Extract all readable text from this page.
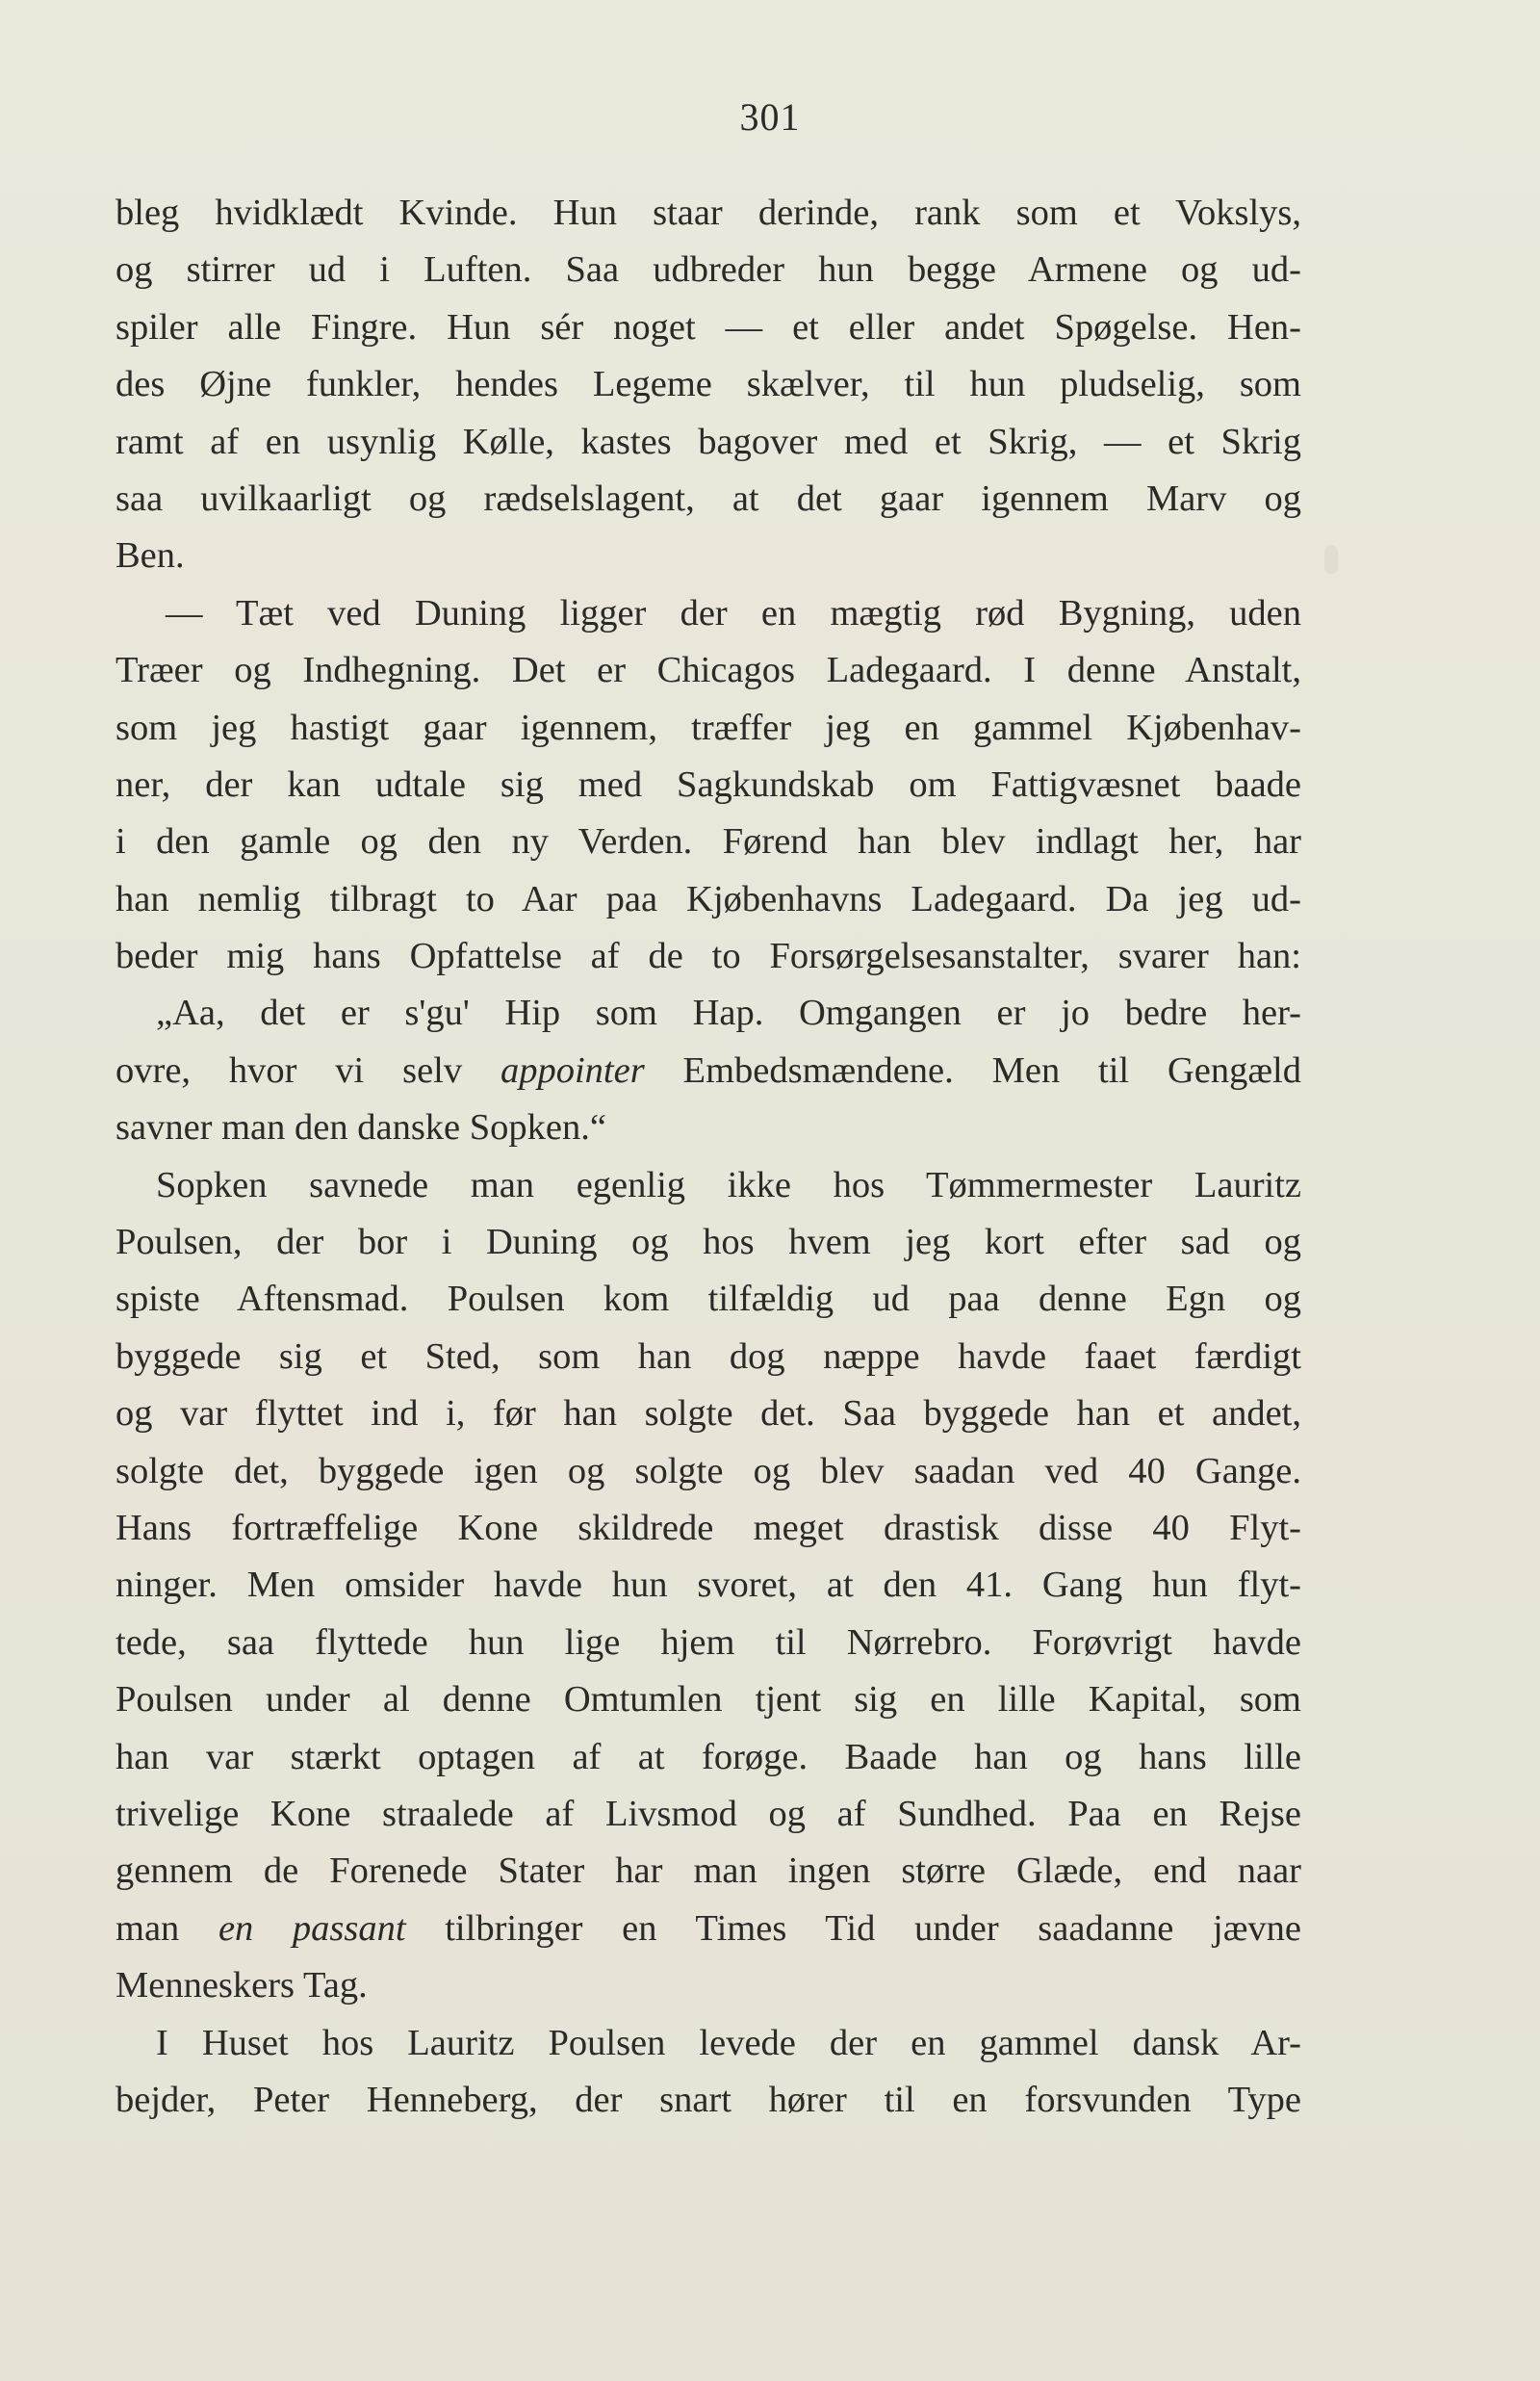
301
bleg hvidklædt Kvinde. Hun staar derinde, rank som et Vokslys,
og stirrer ud i Luften. Saa udbreder hun begge Armene og ud-
spiler alle Fingre. Hun sér noget — et eller andet Spøgelse. Hen-
des Øjne funkler, hendes Legeme skælver, til hun pludselig, som
ramt af en usynlig Kølle, kastes bagover med et Skrig, — et Skrig
saa uvilkaarligt og rædselslagent, at det gaar igennem Marv og
Ben.
— Tæt ved Duning ligger der en mægtig rød Bygning, uden
Træer og Indhegning. Det er Chicagos Ladegaard. I denne Anstalt,
som jeg hastigt gaar igennem, træffer jeg en gammel Kjøbenhav-
ner, der kan udtale sig med Sagkundskab om Fattigvæsnet baade
i den gamle og den ny Verden. Førend han blev indlagt her, har
han nemlig tilbragt to Aar paa Kjøbenhavns Ladegaard. Da jeg ud-
beder mig hans Opfattelse af de to Forsørgelsesanstalter, svarer han:
„Aa, det er s'gu' Hip som Hap. Omgangen er jo bedre her-
ovre, hvor vi selv appointer Embedsmændene. Men til Gengæld
savner man den danske Sopken.“
Sopken savnede man egenlig ikke hos Tømmermester Lauritz
Poulsen, der bor i Duning og hos hvem jeg kort efter sad og
spiste Aftensmad. Poulsen kom tilfældig ud paa denne Egn og
byggede sig et Sted, som han dog næppe havde faaet færdigt
og var flyttet ind i, før han solgte det. Saa byggede han et andet,
solgte det, byggede igen og solgte og blev saadan ved 40 Gange.
Hans fortræffelige Kone skildrede meget drastisk disse 40 Flyt-
ninger. Men omsider havde hun svoret, at den 41. Gang hun flyt-
tede, saa flyttede hun lige hjem til Nørrebro. Forøvrigt havde
Poulsen under al denne Omtumlen tjent sig en lille Kapital, som
han var stærkt optagen af at forøge. Baade han og hans lille
trivelige Kone straalede af Livsmod og af Sundhed. Paa en Rejse
gennem de Forenede Stater har man ingen større Glæde, end naar
man en passant tilbringer en Times Tid under saadanne jævne
Menneskers Tag.
I Huset hos Lauritz Poulsen levede der en gammel dansk Ar-
bejder, Peter Henneberg, der snart hører til en forsvunden Type
